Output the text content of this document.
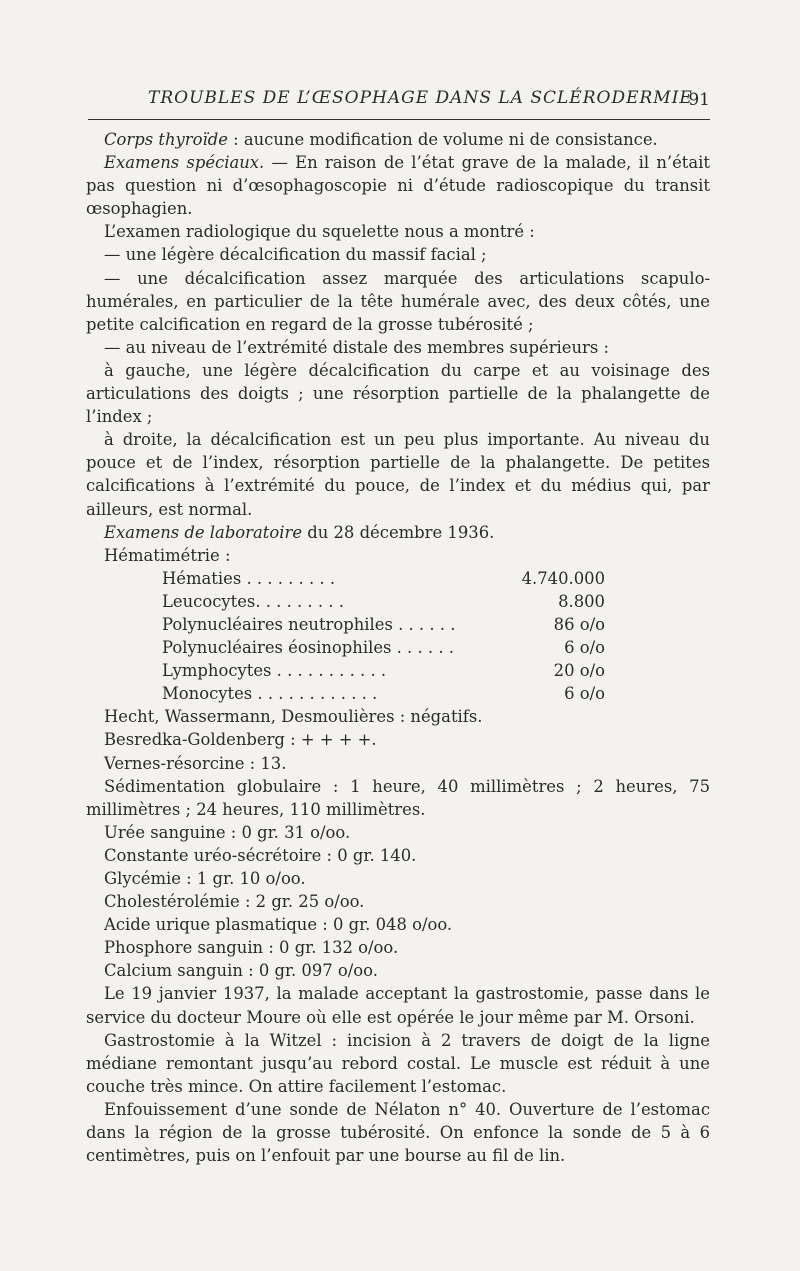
TROUBLES DE L’ŒSOPHAGE DANS LA SCLÉRODERMIE
91

Corps thyroïde : aucune modification de volume ni de consistance.

Examens spéciaux. — En raison de l’état grave de la malade, il n’était pas question ni d’œsophagoscopie ni d’étude radioscopique du transit œsophagien.

L’examen radiologique du squelette nous a montré :

— une légère décalcification du massif facial ;

— une décalcification assez marquée des articulations scapulo-humérales, en particulier de la tête humérale avec, des deux côtés, une petite calcification en regard de la grosse tubérosité ;

— au niveau de l’extrémité distale des membres supérieurs :

à gauche, une légère décalcification du carpe et au voisinage des articulations des doigts ; une résorption partielle de la phalangette de l’index ;

à droite, la décalcification est un peu plus importante. Au niveau du pouce et de l’index, résorption partielle de la phalangette. De petites calcifications à l’extrémité du pouce, de l’index et du médius qui, par ailleurs, est normal.

Examens de laboratoire du 28 décembre 1936.

Hématimétrie :

Hématies . . . . . . . . .	4.740.000
Leucocytes. . . . . . . . .	8.800
Polynucléaires neutrophiles . . . . . .	86 o/o
Polynucléaires éosinophiles . . . . . .	6 o/o
Lymphocytes . . . . . . . . . . .	20 o/o
Monocytes . . . . . . . . . . . .	6 o/o

Hecht, Wassermann, Desmoulières : négatifs.

Besredka-Goldenberg : + + + +.

Vernes-résorcine : 13.

Sédimentation globulaire : 1 heure, 40 millimètres ; 2 heures, 75 millimètres ; 24 heures, 110 millimètres.

Urée sanguine : 0 gr. 31 o/oo.

Constante uréo-sécrétoire : 0 gr. 140.

Glycémie : 1 gr. 10 o/oo.

Cholestérolémie : 2 gr. 25 o/oo.

Acide urique plasmatique : 0 gr. 048 o/oo.

Phosphore sanguin : 0 gr. 132 o/oo.

Calcium sanguin : 0 gr. 097 o/oo.

Le 19 janvier 1937, la malade acceptant la gastrostomie, passe dans le service du docteur Moure où elle est opérée le jour même par M. Orsoni.

Gastrostomie à la Witzel : incision à 2 travers de doigt de la ligne médiane remontant jusqu’au rebord costal. Le muscle est réduit à une couche très mince. On attire facilement l’estomac.

Enfouissement d’une sonde de Nélaton n° 40. Ouverture de l’estomac dans la région de la grosse tubérosité. On enfonce la sonde de 5 à 6 centimètres, puis on l’enfouit par une bourse au fil de lin.
